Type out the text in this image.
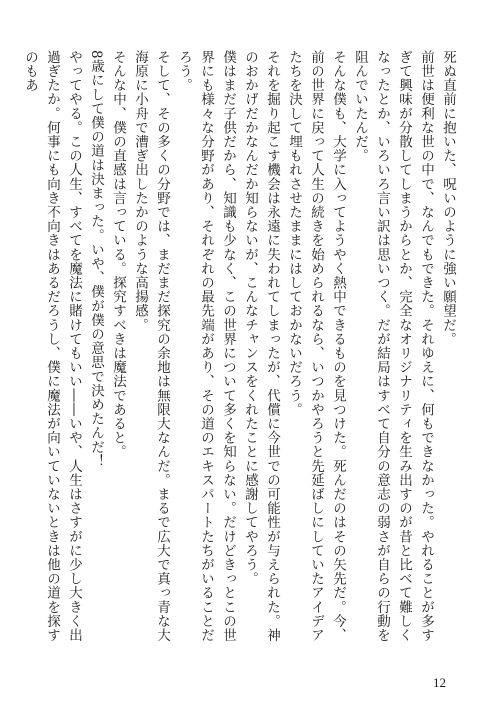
死ぬ直前に抱いた、呪いのように強い願望だ。

前世は便利な世の中で、なんでもできた。それゆえに、何もできなかった。やれることが多すぎて興味が分散してしまうからとか、完全なオリジナリティを生み出すのが昔と比べて難しくなったとか、いろいろ言い訳は思いつく。だが結局はすべて自分の意志の弱さが自らの行動を阻んでいたんだ。

そんな僕も、大学に入ってようやく熱中できるものを見つけた。死んだのはその矢先だ。今、前の世界に戻って人生の続きを始められるなら、いつかやろうと先延ばしにしていたアイデアたちを決して埋もれさせたままにはしておかないだろう。

それを掘り起こす機会は永遠に失われてしまったが、代償に今世での可能性が与えられた。神のおかげだかなんだか知らないが、こんなチャンスをくれたことに感謝してやろう。

僕はまだ子供だから、知識も少なく、この世界について多くを知らない。だけどきっとこの世界にも様々な分野があり、それぞれの最先端があり、その道のエキスパートたちがいることだろう。

そして、その多くの分野では、まだまだ探究の余地は無限大なんだ。まるで広大で真っ青な大海原に小舟で漕ぎ出したかのような高揚感。

そんな中、僕の直感は言っている。探究すべきは魔法であると。

8歳にして僕の道は決まった。いや、僕が僕の意思で決めたんだ！

やってやる。この人生、すべてを魔法に賭けてもいい――いや、人生はさすがに少し大きく出過ぎたか。何事にも向き不向きはあるだろうし、僕に魔法が向いていないときは他の道を探すのもあ

12
